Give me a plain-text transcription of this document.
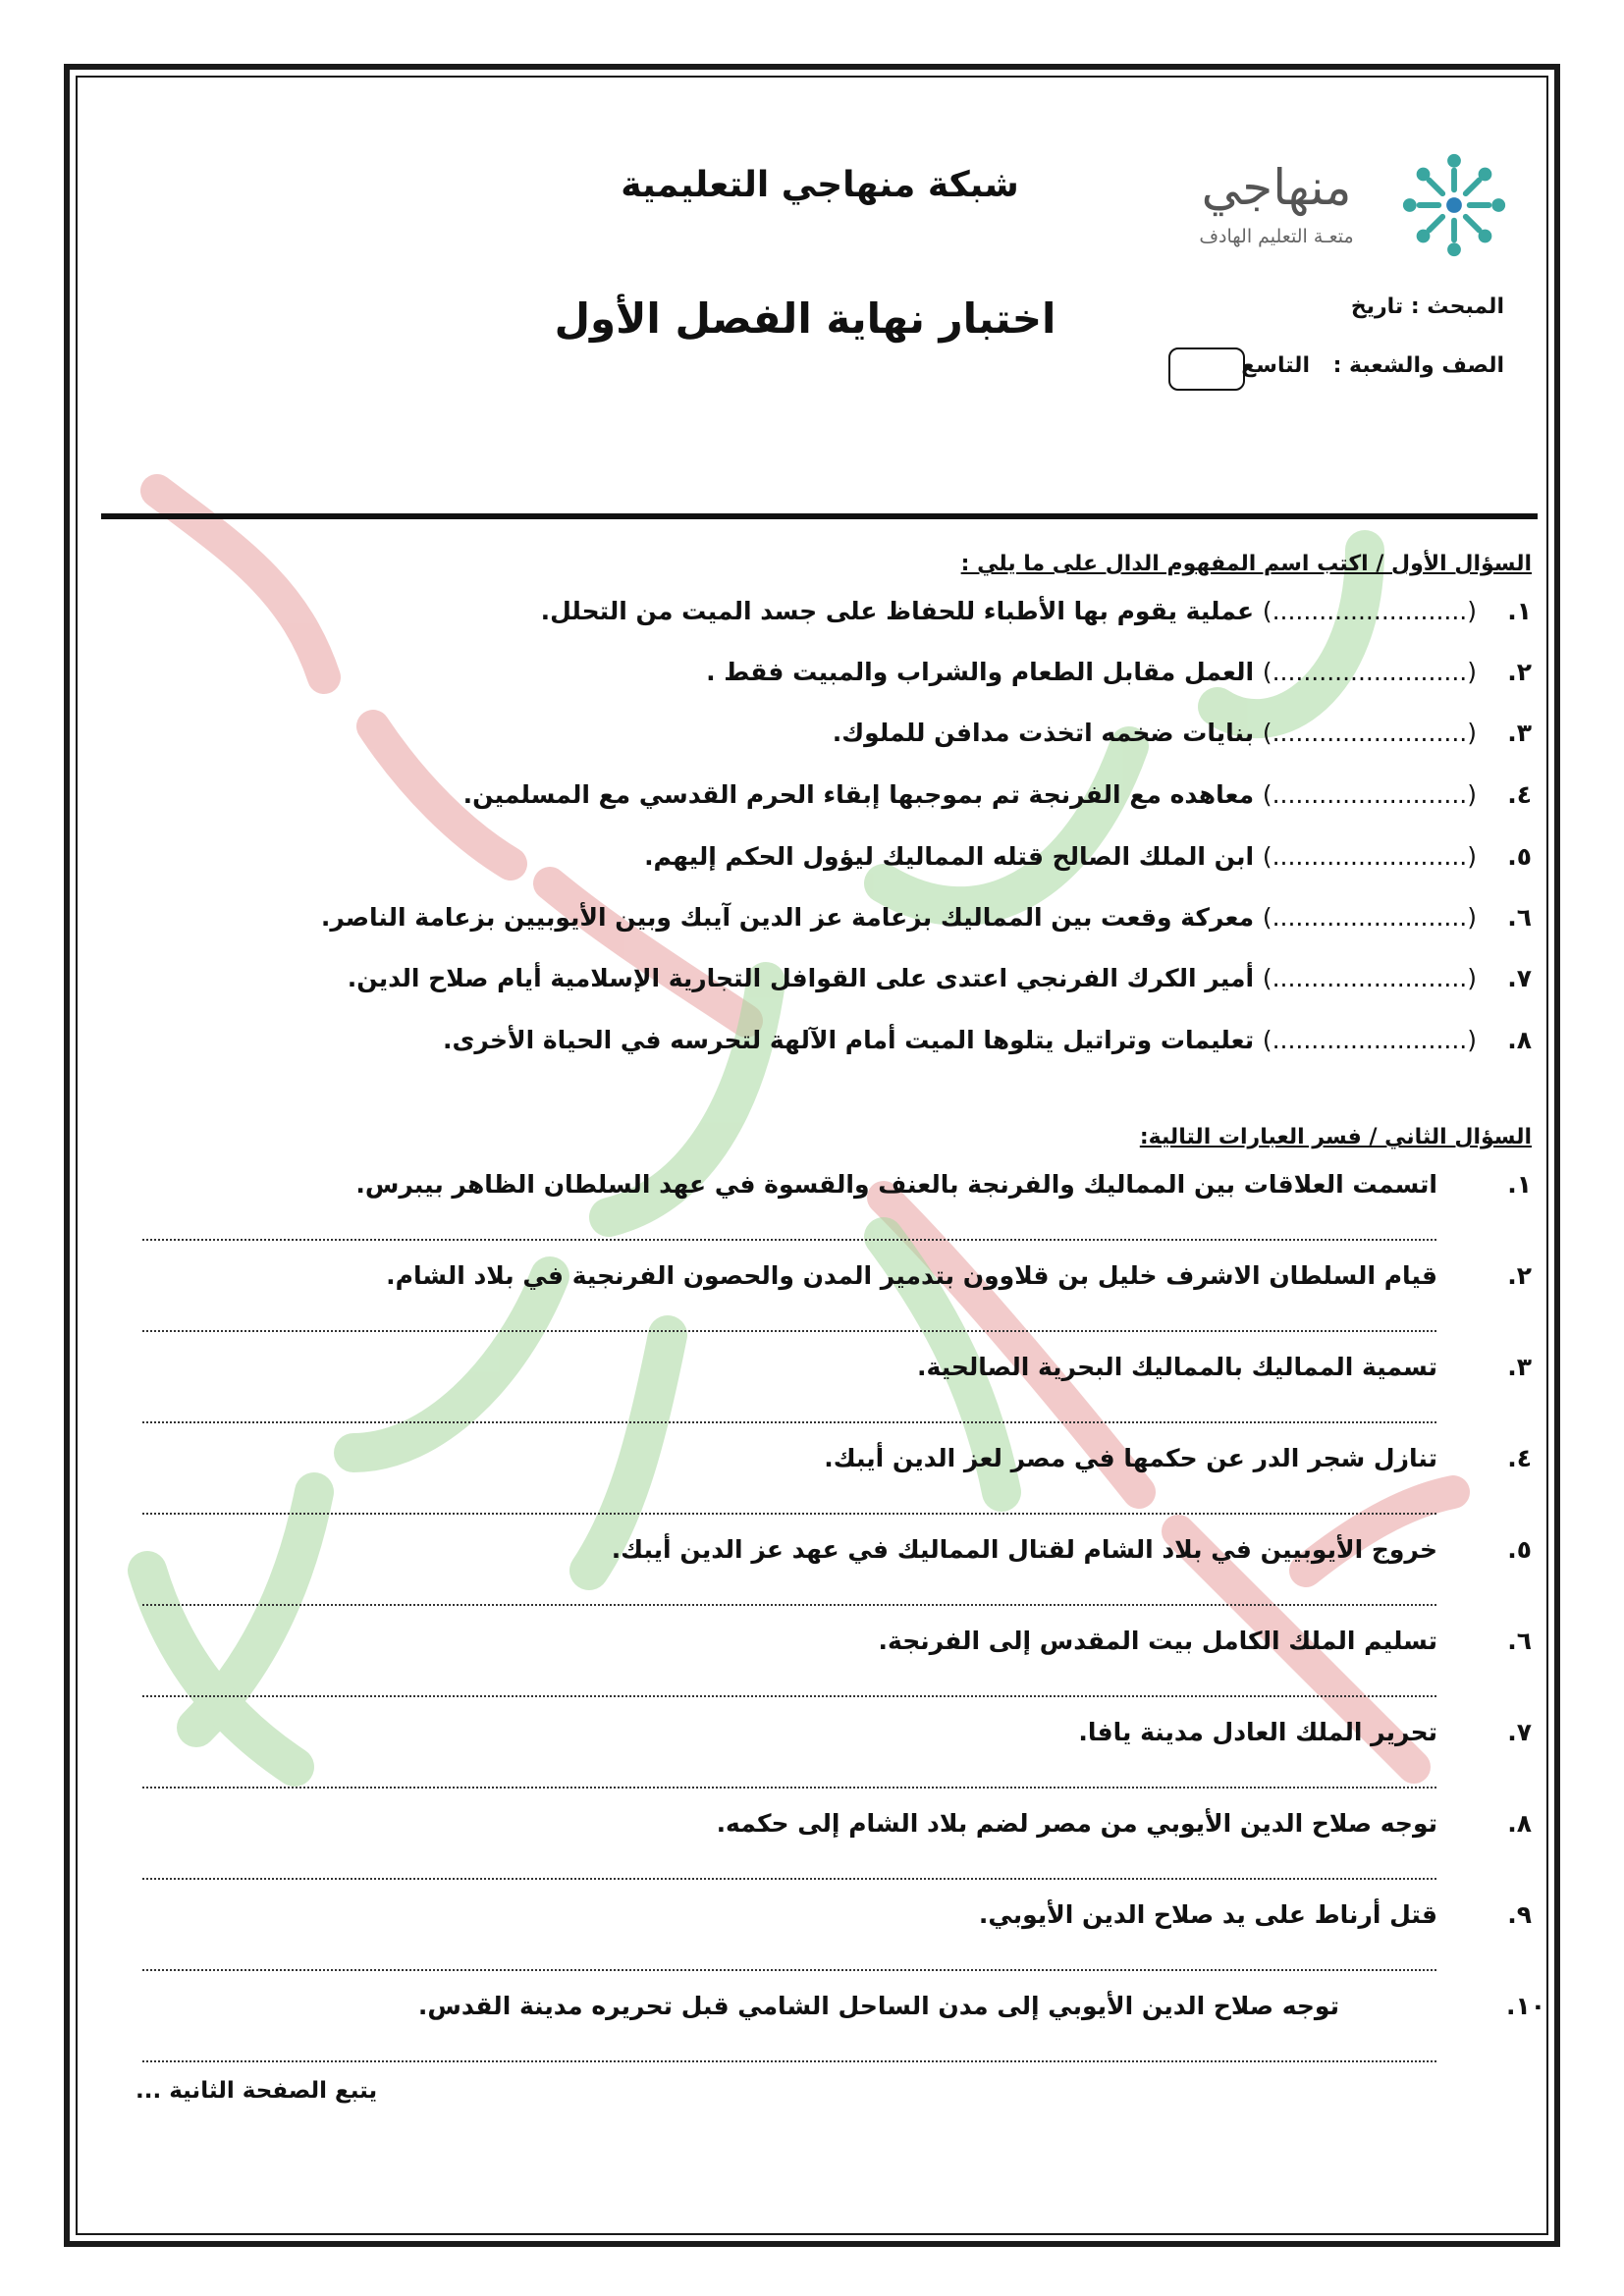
منهاجي
متعـة التعليم الهادف
شبكة منهاجي التعليمية
اختبار نهاية الفصل الأول	المبحث : تاريخ
الصف والشعبة :
التاسع
السؤال الأول / اكتب اسم المفهوم الدال على ما يلي :
١.
(.........................) عملية يقوم بها الأطباء للحفاظ على جسد الميت من التحلل.
٢.
(.........................) العمل مقابل الطعام والشراب والمبيت فقط .
٣.
(.........................) بنايات ضخمه اتخذت مدافن للملوك.
٤.
(.........................) معاهده مع الفرنجة تم بموجبها إبقاء الحرم القدسي مع المسلمين.
٥.
(.........................) ابن الملك الصالح قتله المماليك ليؤول الحكم إليهم.
٦.
(.........................) معركة وقعت بين المماليك بزعامة عز الدين آيبك وبين الأيوبيين بزعامة الناصر.
٧.
(.........................) أمير الكرك الفرنجي اعتدى على القوافل التجارية الإسلامية أيام صلاح الدين.
٨.
(.........................) تعليمات وتراتيل يتلوها الميت أمام الآلهة لتحرسه في الحياة الأخرى.
السؤال الثاني / فسر العبارات التالية:
١.
اتسمت العلاقات بين المماليك والفرنجة بالعنف والقسوة في عهد السلطان الظاهر بيبرس.
٢.
قيام السلطان الاشرف خليل بن قلاوون بتدمير المدن والحصون الفرنجية في بلاد الشام.
٣.
تسمية المماليك بالمماليك البحرية الصالحية.
٤.
تنازل شجر الدر عن حكمها في مصر لعز الدين أيبك.
٥.
خروج الأيوبيين في بلاد الشام لقتال المماليك في عهد عز الدين أيبك.
٦.
تسليم الملك الكامل بيت المقدس إلى الفرنجة.
٧.
تحرير الملك العادل مدينة يافا.
٨.
توجه صلاح الدين الأيوبي من مصر لضم بلاد الشام إلى حكمه.
٩.
قتل أرناط على يد صلاح الدين الأيوبي.
١٠.
توجه صلاح الدين الأيوبي إلى مدن الساحل الشامي قبل تحريره مدينة القدس.
يتبع الصفحة الثانية ...
